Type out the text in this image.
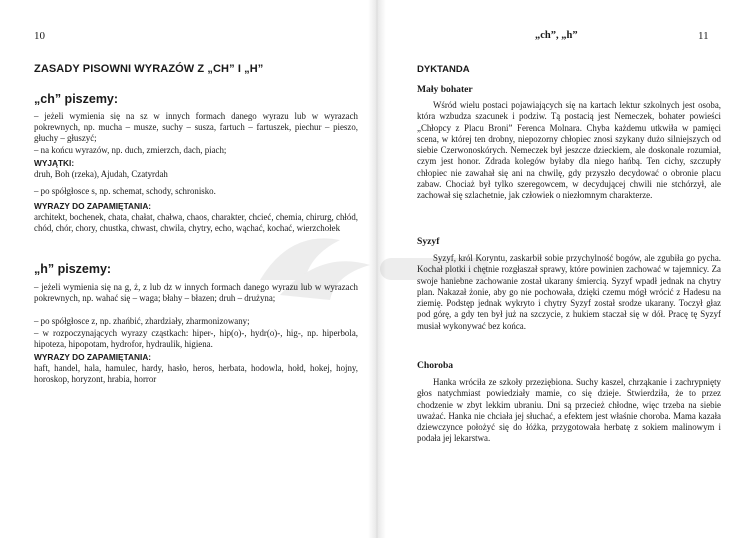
10
ZASADY PISOWNI WYRAZÓW Z „CH” I „H”
„ch” piszemy:
– jeżeli wymienia się na sz w innych formach danego wyrazu lub w wyrazach pokrewnych, np. mucha – musze, suchy – susza, fartuch – fartuszek, piechur – pieszo, głuchy – głuszyć;
– na końcu wyrazów, np. duch, zmierzch, dach, piach;
WYJĄTKI:
druh, Boh (rzeka), Ajudah, Czatyrdah
– po spółgłosce s, np. schemat, schody, schronisko.
WYRAZY DO ZAPAMIĘTANIA:
architekt, bochenek, chata, chałat, chałwa, chaos, charakter, chcieć, chemia, chirurg, chłód, chód, chór, chory, chustka, chwast, chwila, chytry, echo, wąchać, kochać, wierzchołek
„h” piszemy:
– jeżeli wymienia się na g, ż, z lub dz w innych formach danego wyrazu lub w wyrazach pokrewnych, np. wahać się – waga; błahy – błazen; druh – drużyna;
– po spółgłosce z, np. zhańbić, zhardziały, zharmonizowany;
– w rozpoczynających wyrazy cząstkach: hiper-, hip(o)-, hydr(o)-, hig-, np. hiperbola, hipoteza, hipopotam, hydrofor, hydraulik, higiena.
WYRAZY DO ZAPAMIĘTANIA:
haft, handel, hala, hamulec, hardy, hasło, heros, herbata, hodowla, hołd, hokej, hojny, horoskop, horyzont, hrabia, horror
„ch”, „h”	11
DYKTANDA
Mały bohater
Wśród wielu postaci pojawiających się na kartach lektur szkolnych jest osoba, która wzbudza szacunek i podziw. Tą postacią jest Nemeczek, bohater powieści „Chłopcy z Placu Broni” Ferenca Molnara. Chyba każdemu utkwiła w pamięci scena, w której ten drobny, niepozorny chłopiec znosi szykany dużo silniejszych od siebie Czerwonoskórych. Nemeczek był jeszcze dzieckiem, ale doskonale rozumiał, czym jest honor. Zdrada kolegów byłaby dla niego hańbą. Ten cichy, szczupły chłopiec nie zawahał się ani na chwilę, gdy przyszło decydować o obronie placu zabaw. Chociaż był tylko szeregowcem, w decydującej chwili nie stchórzył, ale zachował się szlachetnie, jak człowiek o niezłomnym charakterze.
Syzyf
Syzyf, król Koryntu, zaskarbił sobie przychylność bogów, ale zgubiła go pycha. Kochał plotki i chętnie rozgłaszał sprawy, które powinien zachować w tajemnicy. Za swoje haniebne zachowanie został ukarany śmiercią. Syzyf wpadł jednak na chytry plan. Nakazał żonie, aby go nie pochowała, dzięki czemu mógł wrócić z Hadesu na ziemię. Podstęp jednak wykryto i chytry Syzyf został srodze ukarany. Toczył głaz pod górę, a gdy ten był już na szczycie, z hukiem staczał się w dół. Pracę tę Syzyf musiał wykonywać bez końca.
Choroba
Hanka wróciła ze szkoły przeziębiona. Suchy kaszel, chrząkanie i zachrypnięty głos natychmiast powiedziały mamie, co się dzieje. Stwierdziła, że to przez chodzenie w zbyt lekkim ubraniu. Dni są przecież chłodne, więc trzeba na siebie uważać. Hanka nie chciała jej słuchać, a efektem jest właśnie choroba. Mama kazała dziewczynce położyć się do łóżka, przygotowała herbatę z sokiem malinowym i podała jej lekarstwa.
